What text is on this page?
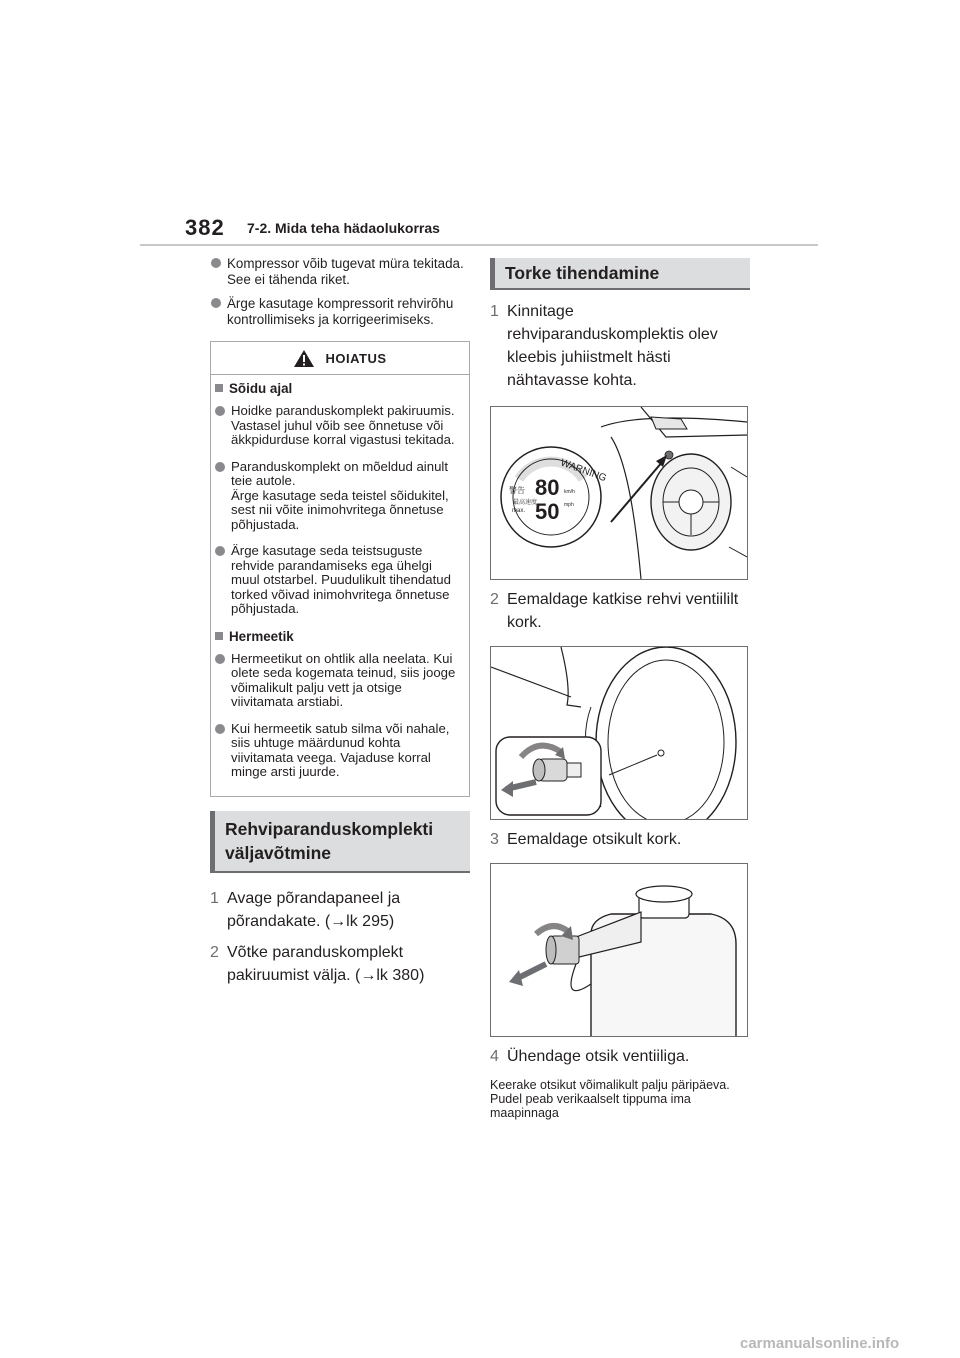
382 7-2. Mida teha hädaolukorras
Kompressor võib tugevat müra tekitada. See ei tähenda riket.
Ärge kasutage kompressorit rehvirõhu kontrollimiseks ja korrigeerimiseks.
HOIATUS
Sõidu ajal
Hoidke paranduskomplekt pakiruumis.
Vastasel juhul võib see õnnetuse või äkkpidurduse korral vigastusi tekitada.
Paranduskomplekt on mõeldud ainult teie autole.
Ärge kasutage seda teistel sõidukitel, sest nii võite inimohvritega õnnetuse põhjustada.
Ärge kasutage seda teistsuguste rehvide parandamiseks ega ühelgi muul otstarbel. Puudulikult tihendatud torked võivad inimohvritega õnnetuse põhjustada.
Hermeetik
Hermeetikut on ohtlik alla neelata. Kui olete seda kogemata teinud, siis jooge võimalikult palju vett ja otsige viivitamata arstiabi.
Kui hermeetik satub silma või nahale, siis uhtuge määrdunud kohta viivitamata veega. Vajaduse korral minge arsti juurde.
Rehviparanduskomplekti väljavõtmine
1 Avage põrandapaneel ja põrandakate. (→lk 295)
2 Võtke paranduskomplekt pakiruumist välja. (→lk 380)
Torke tihendamine
1 Kinnitage rehviparanduskomplektis olev kleebis juhiistmelt hästi nähtavasse kohta.
WARNING
警告
最高速度
max.
80
50
km/h
mph
2 Eemaldage katkise rehvi ventiililt kork.
3 Eemaldage otsikult kork.
4 Ühendage otsik ventiiliga.
Keerake otsikut võimalikult palju päripäeva. Pudel peab verikaalselt tippuma ima maapinnaga
carmanualsonline.info
